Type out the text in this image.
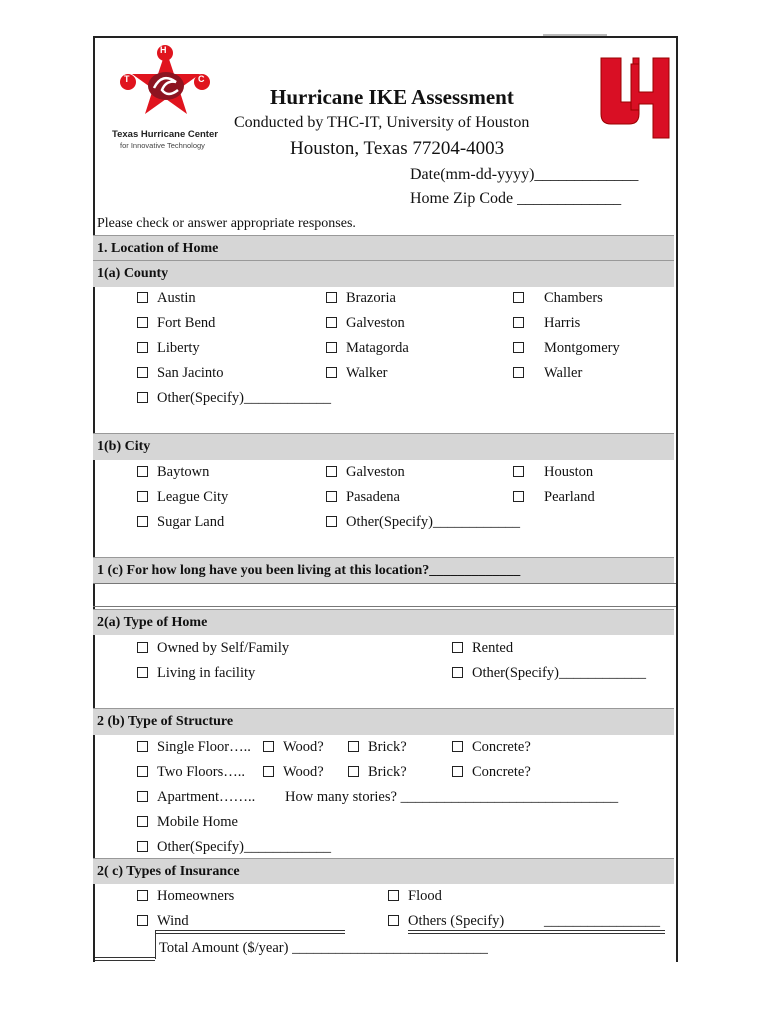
H
T	C
Texas Hurricane Center
for Innovative Technology
Hurricane IKE Assessment
Conducted by THC-IT, University of Houston
Houston, Texas 77204-4003
Date(mm-dd-yyyy)_____________
Home Zip Code _____________
Please check or answer appropriate responses.
1. Location of Home
1(a) County
Austin	Brazoria	Chambers
Fort Bend	Galveston	Harris
Liberty	Matagorda	Montgomery
San Jacinto	Walker	Waller
Other(Specify)____________
1(b) City
Baytown	Galveston	Houston
League City	Pasadena	Pearland
Sugar Land	Other(Specify)____________
1 (c) For how long have you been living at this location?_____________
2(a) Type of Home
Owned by Self/Family	Rented
Living in facility	Other(Specify)____________
2 (b) Type of Structure
Single Floor…..	Wood?	Brick?	Concrete?
Two Floors…..	Wood?	Brick?	Concrete?
Apartment…….. How many stories? ______________________________
Mobile Home
Other(Specify)____________
2( c) Types of Insurance
Homeowners	Flood
Wind	Others (Specify)	________________
Total Amount ($/year) ___________________________
